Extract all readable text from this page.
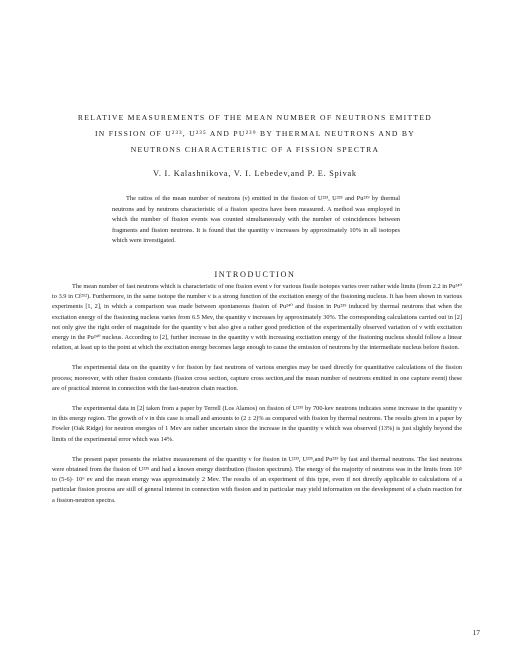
RELATIVE MEASUREMENTS OF THE MEAN NUMBER OF NEUTRONS EMITTED
IN FISSION OF U²³³, U²³⁵ AND PU²³⁹ BY THERMAL NEUTRONS AND BY
NEUTRONS CHARACTERISTIC OF A FISSION SPECTRA
V. I. Kalashnikova, V. I. Lebedev,and P. E. Spivak
The ratios of the mean number of neutrons (ν) emitted in the fission of U²³³, U²³⁵ and Pu²³⁹ by thermal neutrons and by neutrons characteristic of a fission spectra have been measured. A method was employed in which the number of fission events was counted simultaneously with the number of coincidences between fragments and fission neutrons. It is found that the quantity ν increases by approximately 10% in all isotopes which were investigated.
INTRODUCTION

The mean number of fast neutrons which is characteristic of one fission event ν for various fissile isotopes varies over rather wide limits (from 2.2 in Pu²⁴⁰ to 3.9 in Cf²⁵²). Furthermore, in the same isotope the number ν is a strong function of the excitation energy of the fissioning nucleus. It has been shown in various experiments [1, 2], in which a comparison was made between spontaneous fission of Pu²⁴⁰ and fission in Pu²³⁹ induced by thermal neutrons that when the excitation energy of the fissioning nucleus varies from 6.5 Mev, the quantity ν increases by approximately 30%. The corresponding calculations carried out in [2] not only give the right order of magnitude for the quantity ν but also give a rather good prediction of the experimentally observed variation of ν with excitation energy in the Pu²⁴⁰ nucleus. According to [2], further increase in the quantity ν with increasing excitation energy of the fissioning nucleus should follow a linear relation, at least up to the point at which the excitation energy becomes large enough to cause the emission of neutrons by the intermediate nucleus before fission.

The experimental data on the quantity ν for fission by fast neutrons of various energies may be used directly for quantitative calculations of the fission process; moreover, with other fission constants (fission cross section, capture cross section,and the mean number of neutrons emitted in one capture event) these are of practical interest in connection with the fast-neutron chain reaction.

The experimental data in [2] taken from a paper by Terrell (Los Alamos) on fission of U²³⁵ by 700-kev neutrons indicates some increase in the quantity ν in this energy region. The growth of ν in this case is small and amounts to (2 ± 2)% as compared with fission by thermal neutrons. The results given in a paper by Fowler (Oak Ridge) for neutron energies of 1 Mev are rather uncertain since the increase in the quantity ν which was observed (13%) is just slightly beyond the limits of the experimental error which was 14%.

The present paper presents the relative measurement of the quantity ν for fission in U²³³, U²³⁵,and Pu²³⁹ by fast and thermal neutrons. The fast neutrons were obtained from the fission of U²³⁵ and had a known energy distribution (fission spectrum). The energy of the majority of neutrons was in the limits from 10⁵ to (5-6)· 10⁶ ev and the mean energy was approximately 2 Mev. The results of an experiment of this type, even if not directly applicable to calculations of a particular fission process are still of general interest in connection with fission and in particular may yield information on the development of a chain reaction for a fission-neutron spectra.

17
